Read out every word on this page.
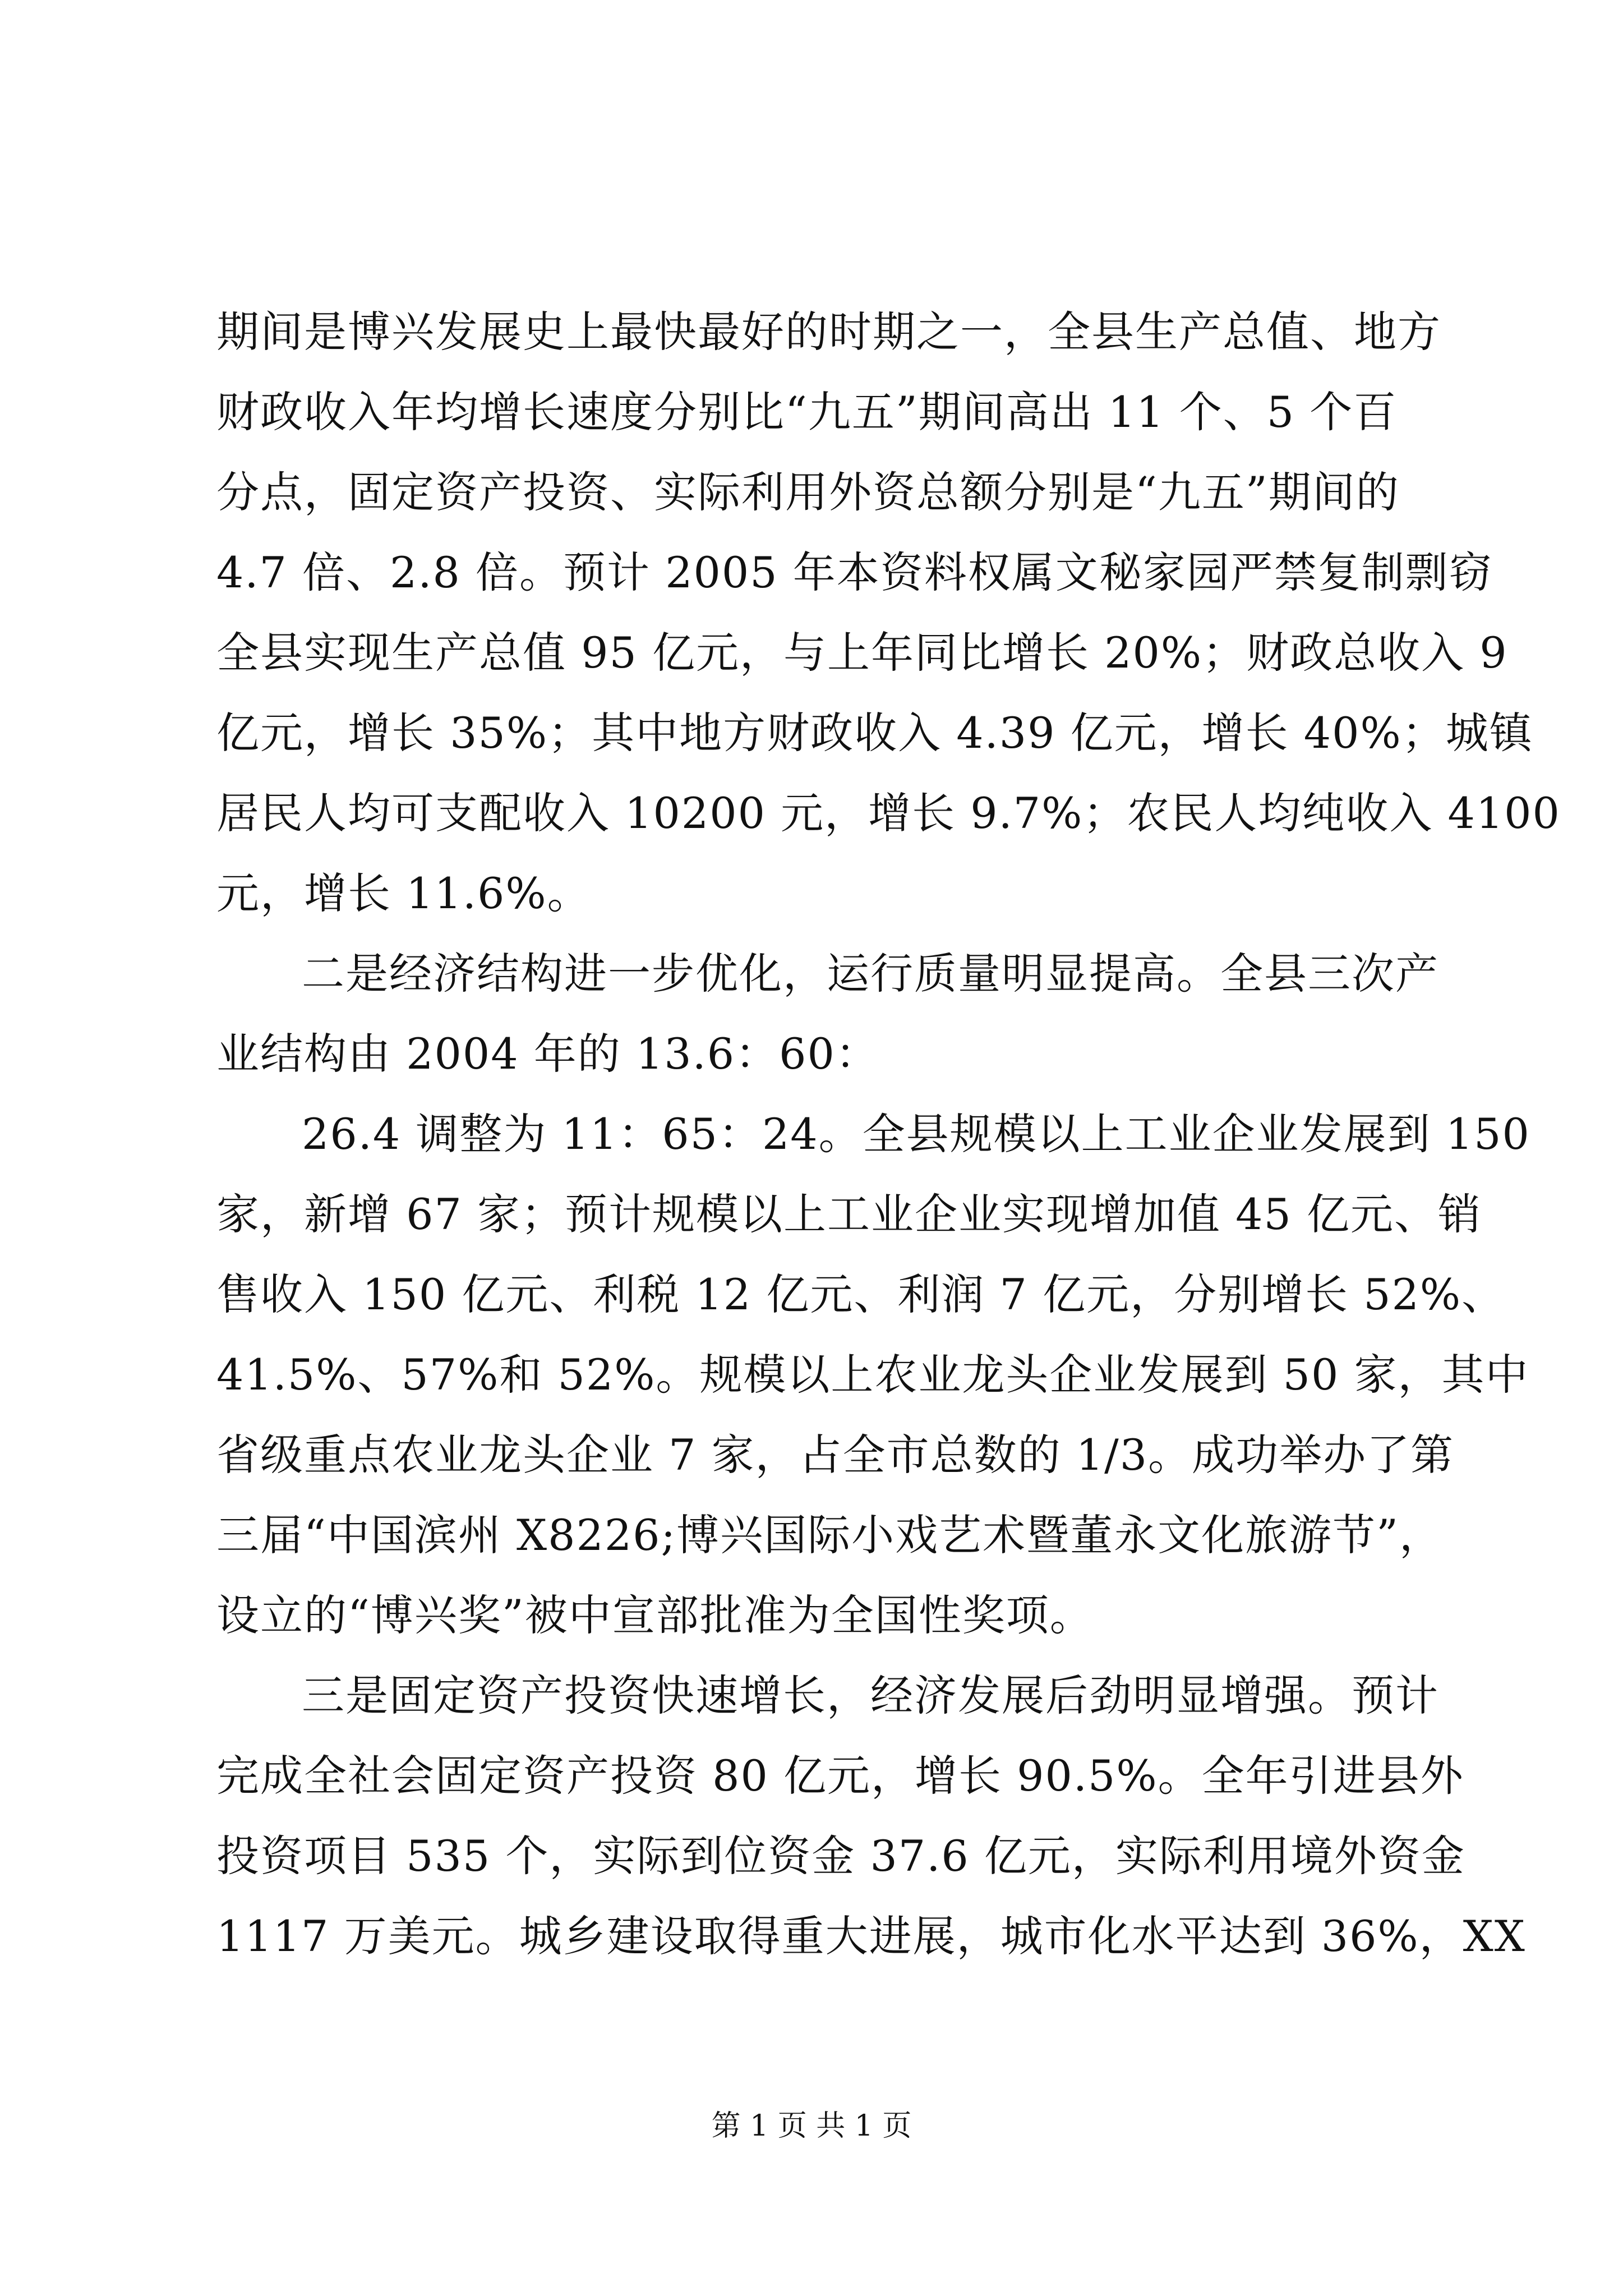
期间是博兴发展史上最快最好的时期之一，全县生产总值、地方
财政收入年均增长速度分别比“九五”期间高出 11 个、5 个百
分点，固定资产投资、实际利用外资总额分别是“九五”期间的
4.7 倍、2.8 倍。预计 2005 年本资料权属文秘家园严禁复制剽窃
全县实现生产总值 95 亿元，与上年同比增长 20%；财政总收入 9
亿元，增长 35%；其中地方财政收入 4.39 亿元，增长 40%；城镇
居民人均可支配收入 10200 元，增长 9.7%；农民人均纯收入 4100
元，增长 11.6%。
二是经济结构进一步优化，运行质量明显提高。全县三次产
业结构由 2004 年的 13.6：60：
26.4 调整为 11：65：24。全县规模以上工业企业发展到 150
家，新增 67 家；预计规模以上工业企业实现增加值 45 亿元、销
售收入 150 亿元、利税 12 亿元、利润 7 亿元，分别增长 52%、
41.5%、57%和 52%。规模以上农业龙头企业发展到 50 家，其中
省级重点农业龙头企业 7 家，占全市总数的 1/3。成功举办了第
三届“中国滨州 X8226;博兴国际小戏艺术暨董永文化旅游节”，
设立的“博兴奖”被中宣部批准为全国性奖项。
三是固定资产投资快速增长，经济发展后劲明显增强。预计
完成全社会固定资产投资 80 亿元，增长 90.5%。全年引进县外
投资项目 535 个，实际到位资金 37.6 亿元，实际利用境外资金
1117 万美元。城乡建设取得重大进展，城市化水平达到 36%，XX
第 1 页 共 1 页
